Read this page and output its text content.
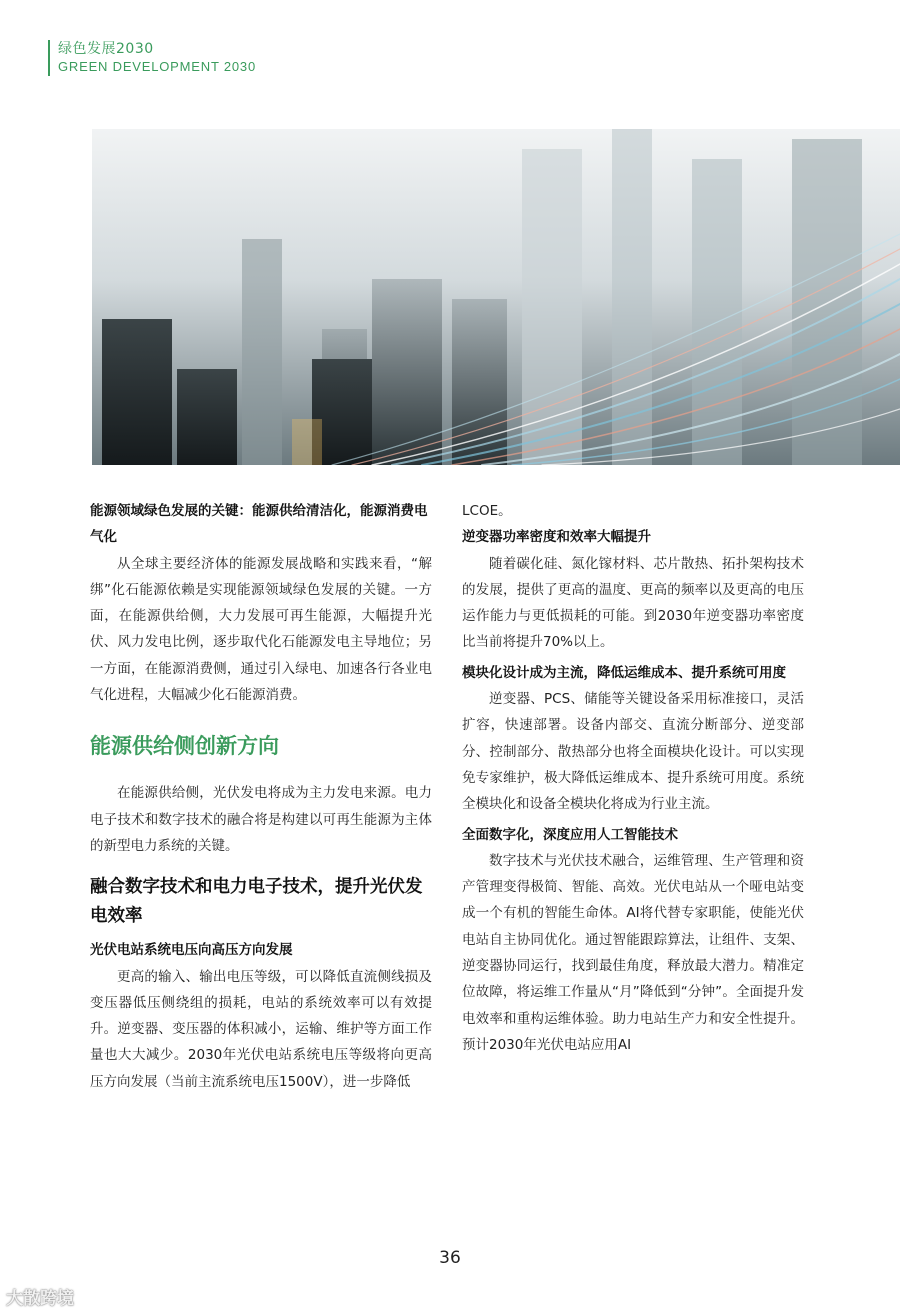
绿色发展2030
GREEN DEVELOPMENT 2030
能源领域绿色发展的关键：能源供给清洁化，能源消费电气化

从全球主要经济体的能源发展战略和实践来看，“解绑”化石能源依赖是实现能源领域绿色发展的关键。一方面，在能源供给侧，大力发展可再生能源，大幅提升光伏、风力发电比例，逐步取代化石能源发电主导地位；另一方面，在能源消费侧，通过引入绿电、加速各行各业电气化进程，大幅减少化石能源消费。

能源供给侧创新方向

在能源供给侧，光伏发电将成为主力发电来源。电力电子技术和数字技术的融合将是构建以可再生能源为主体的新型电力系统的关键。

融合数字技术和电力电子技术，提升光伏发电效率
光伏电站系统电压向高压方向发展

更高的输入、输出电压等级，可以降低直流侧线损及变压器低压侧绕组的损耗，电站的系统效率可以有效提升。逆变器、变压器的体积减小，运输、维护等方面工作量也大大减少。2030年光伏电站系统电压等级将向更高压方向发展（当前主流系统电压1500V），进一步降低

LCOE。

逆变器功率密度和效率大幅提升

随着碳化硅、氮化镓材料、芯片散热、拓扑架构技术的发展，提供了更高的温度、更高的频率以及更高的电压运作能力与更低损耗的可能。到2030年逆变器功率密度比当前将提升70%以上。

模块化设计成为主流，降低运维成本、提升系统可用度

逆变器、PCS、储能等关键设备采用标准接口，灵活扩容，快速部署。设备内部交、直流分断部分、逆变部分、控制部分、散热部分也将全面模块化设计。可以实现免专家维护，极大降低运维成本、提升系统可用度。系统全模块化和设备全模块化将成为行业主流。

全面数字化，深度应用人工智能技术

数字技术与光伏技术融合，运维管理、生产管理和资产管理变得极简、智能、高效。光伏电站从一个哑电站变成一个有机的智能生命体。AI将代替专家职能，使能光伏电站自主协同优化。通过智能跟踪算法，让组件、支架、逆变器协同运行，找到最佳角度，释放最大潜力。精准定位故障，将运维工作量从“月”降低到“分钟”。全面提升发电效率和重构运维体验。助力电站生产力和安全性提升。预计2030年光伏电站应用AI

36
大散跨境
